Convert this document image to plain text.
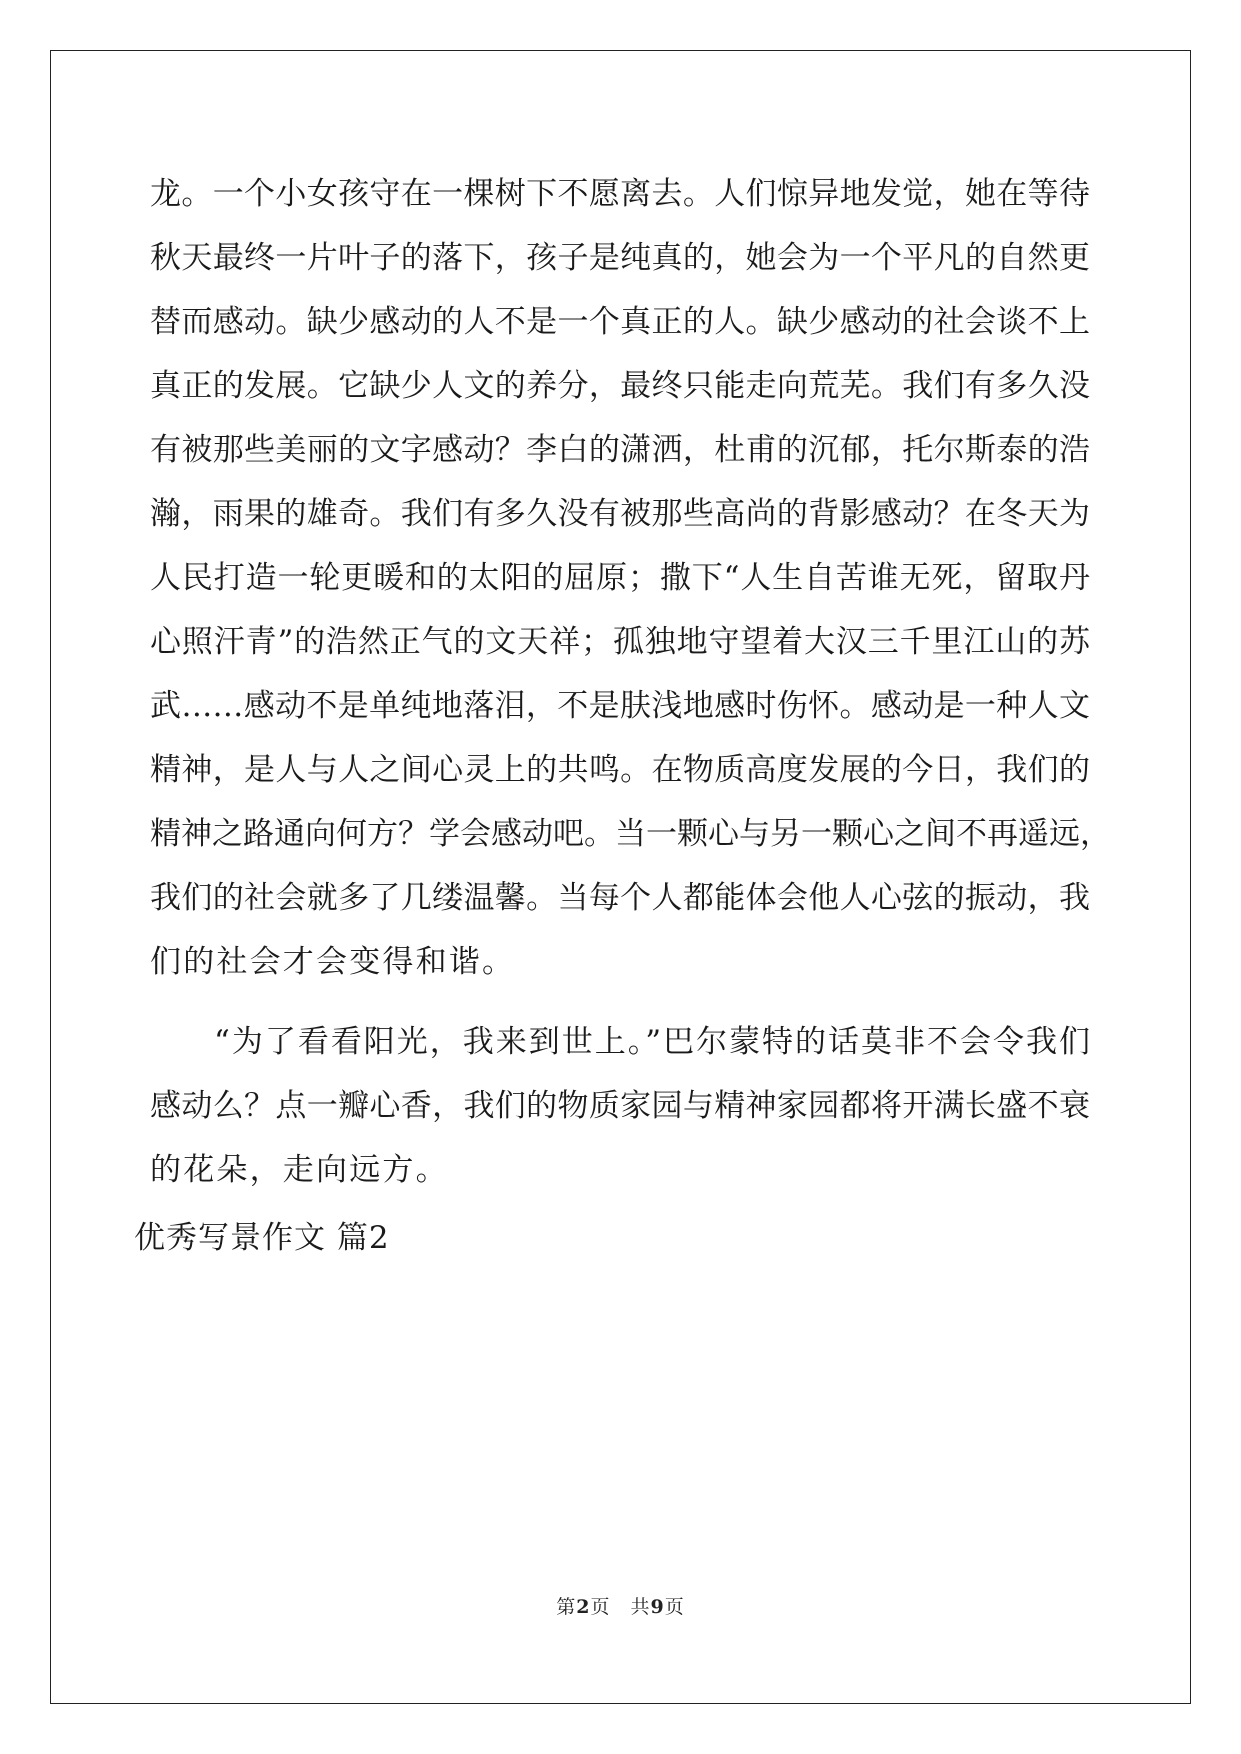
龙。一个小女孩守在一棵树下不愿离去。人们惊异地发觉，她在等待
秋天最终一片叶子的落下，孩子是纯真的，她会为一个平凡的自然更
替而感动。缺少感动的人不是一个真正的人。缺少感动的社会谈不上
真正的发展。它缺少人文的养分，最终只能走向荒芜。我们有多久没
有被那些美丽的文字感动？李白的潇洒，杜甫的沉郁，托尔斯泰的浩
瀚，雨果的雄奇。我们有多久没有被那些高尚的背影感动？在冬天为
人民打造一轮更暖和的太阳的屈原；撒下“人生自苦谁无死，留取丹
心照汗青”的浩然正气的文天祥；孤独地守望着大汉三千里江山的苏
武……感动不是单纯地落泪，不是肤浅地感时伤怀。感动是一种人文
精神，是人与人之间心灵上的共鸣。在物质高度发展的今日，我们的
精神之路通向何方？学会感动吧。当一颗心与另一颗心之间不再遥远，
我们的社会就多了几缕温馨。当每个人都能体会他人心弦的振动，我
们的社会才会变得和谐。
“为了看看阳光，我来到世上。”巴尔蒙特的话莫非不会令我们
感动么？点一瓣心香，我们的物质家园与精神家园都将开满长盛不衰
的花朵，走向远方。
优秀写景作文 篇2
第2页　共9页
